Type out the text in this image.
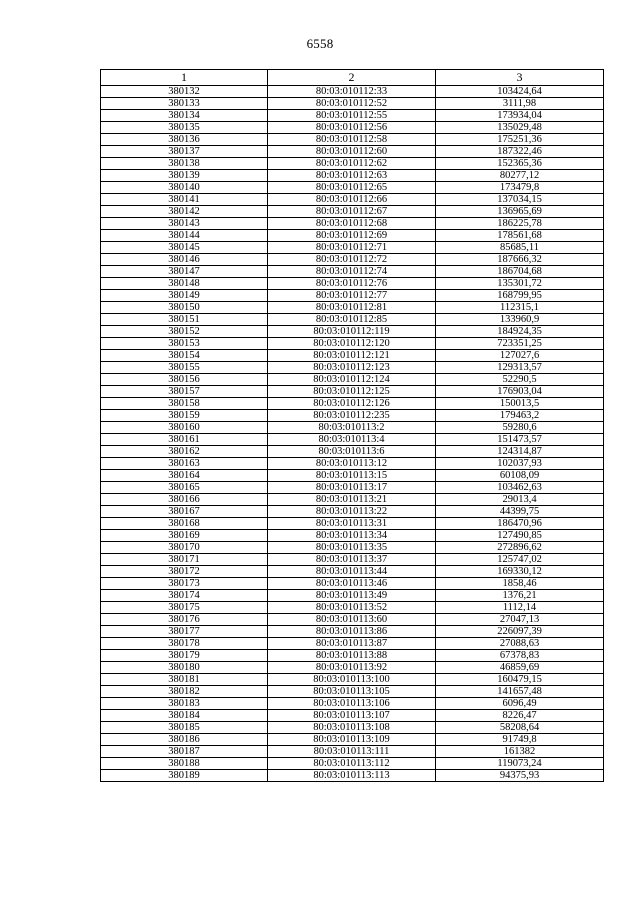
6558
1	2	3
380132	80:03:010112:33	103424,64
380133	80:03:010112:52	3111,98
380134	80:03:010112:55	173934,04
380135	80:03:010112:56	135029,48
380136	80:03:010112:58	175251,36
380137	80:03:010112:60	187322,46
380138	80:03:010112:62	152365,36
380139	80:03:010112:63	80277,12
380140	80:03:010112:65	173479,8
380141	80:03:010112:66	137034,15
380142	80:03:010112:67	136965,69
380143	80:03:010112:68	186225,78
380144	80:03:010112:69	178561,68
380145	80:03:010112:71	85685,11
380146	80:03:010112:72	187666,32
380147	80:03:010112:74	186704,68
380148	80:03:010112:76	135301,72
380149	80:03:010112:77	168799,95
380150	80:03:010112:81	112315,1
380151	80:03:010112:85	133960,9
380152	80:03:010112:119	184924,35
380153	80:03:010112:120	723351,25
380154	80:03:010112:121	127027,6
380155	80:03:010112:123	129313,57
380156	80:03:010112:124	52290,5
380157	80:03:010112:125	176903,04
380158	80:03:010112:126	150013,5
380159	80:03:010112:235	179463,2
380160	80:03:010113:2	59280,6
380161	80:03:010113:4	151473,57
380162	80:03:010113:6	124314,87
380163	80:03:010113:12	102037,93
380164	80:03:010113:15	60108,09
380165	80:03:010113:17	103462,63
380166	80:03:010113:21	29013,4
380167	80:03:010113:22	44399,75
380168	80:03:010113:31	186470,96
380169	80:03:010113:34	127490,85
380170	80:03:010113:35	272896,62
380171	80:03:010113:37	125747,02
380172	80:03:010113:44	169330,12
380173	80:03:010113:46	1858,46
380174	80:03:010113:49	1376,21
380175	80:03:010113:52	1112,14
380176	80:03:010113:60	27047,13
380177	80:03:010113:86	226097,39
380178	80:03:010113:87	27088,63
380179	80:03:010113:88	67378,83
380180	80:03:010113:92	46859,69
380181	80:03:010113:100	160479,15
380182	80:03:010113:105	141657,48
380183	80:03:010113:106	6096,49
380184	80:03:010113:107	8226,47
380185	80:03:010113:108	58208,64
380186	80:03:010113:109	91749,8
380187	80:03:010113:111	161382
380188	80:03:010113:112	119073,24
380189	80:03:010113:113	94375,93
